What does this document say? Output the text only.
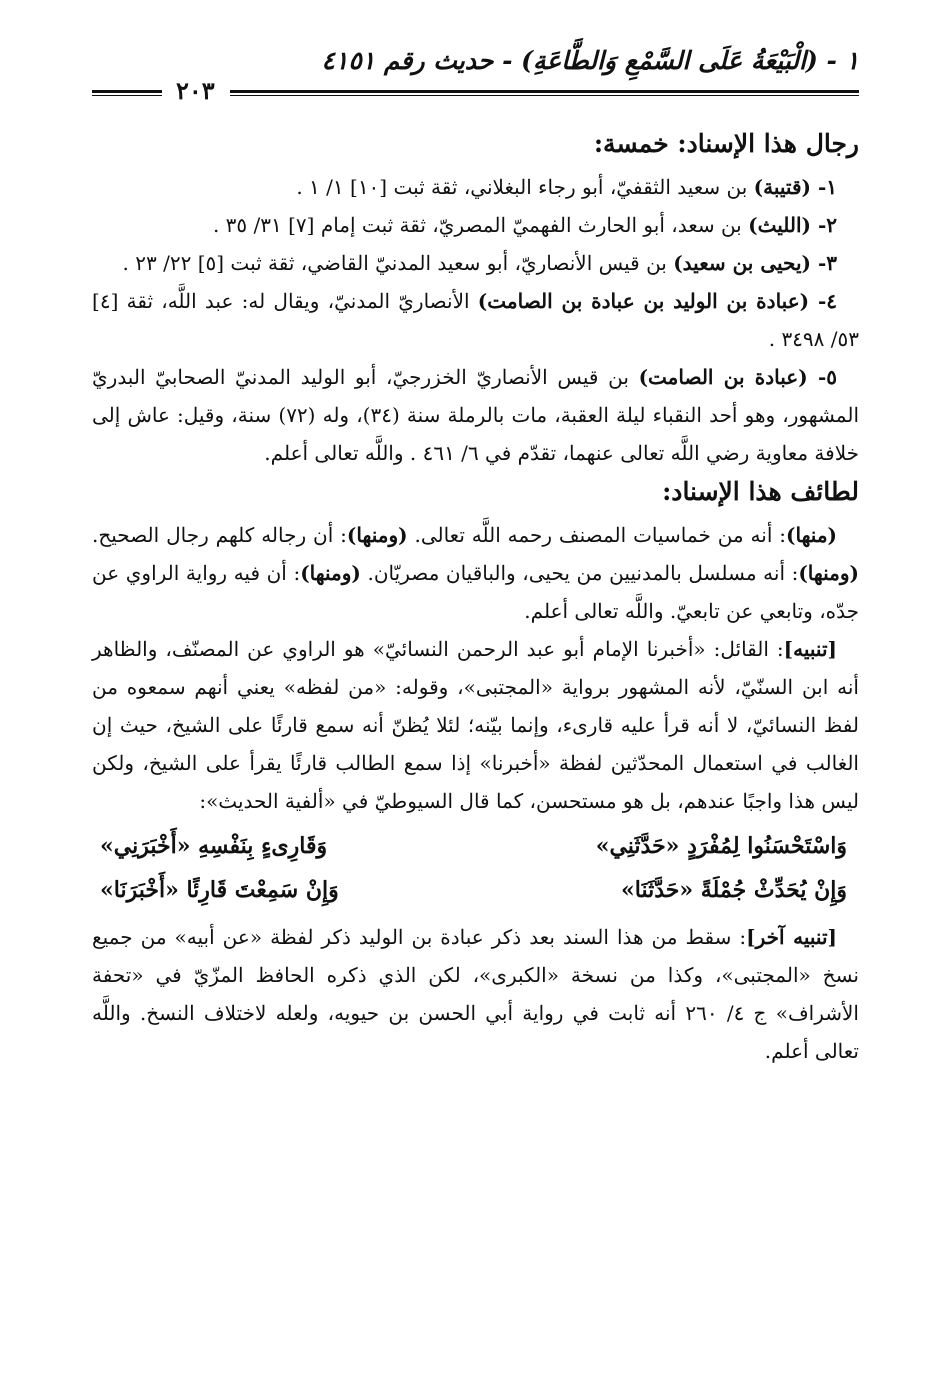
١ - (الْبَيْعَةُ عَلَى السَّمْعِ وَالطَّاعَةِ) - حديث رقم ٤١٥١
٢٠٣
رجال هذا الإسناد: خمسة:

١- (قتيبة) بن سعيد الثقفيّ، أبو رجاء البغلاني، ثقة ثبت [١٠] ١/ ١ .

٢- (الليث) بن سعد، أبو الحارث الفهميّ المصريّ، ثقة ثبت إمام [٧] ٣١/ ٣٥ .

٣- (يحيى بن سعيد) بن قيس الأنصاريّ، أبو سعيد المدنيّ القاضي، ثقة ثبت [٥] ٢٢/ ٢٣ .

٤- (عبادة بن الوليد بن عبادة بن الصامت) الأنصاريّ المدنيّ، ويقال له: عبد اللَّه، ثقة [٤] ٥٣/ ٣٤٩٨ .

٥- (عبادة بن الصامت) بن قيس الأنصاريّ الخزرجيّ، أبو الوليد المدنيّ الصحابيّ البدريّ المشهور، وهو أحد النقباء ليلة العقبة، مات بالرملة سنة (٣٤)، وله (٧٢) سنة، وقيل: عاش إلى خلافة معاوية رضي اللَّه تعالى عنهما، تقدّم في ٦/ ٤٦١ . واللَّه تعالى أعلم.

لطائف هذا الإسناد:

(منها): أنه من خماسيات المصنف رحمه اللَّه تعالى. (ومنها): أن رجاله كلهم رجال الصحيح. (ومنها): أنه مسلسل بالمدنيين من يحيى، والباقيان مصريّان. (ومنها): أن فيه رواية الراوي عن جدّه، وتابعي عن تابعيّ. واللَّه تعالى أعلم.

[تنبيه]: القائل: «أخبرنا الإمام أبو عبد الرحمن النسائيّ» هو الراوي عن المصنّف، والظاهر أنه ابن السنّيّ، لأنه المشهور برواية «المجتبى»، وقوله: «من لفظه» يعني أنهم سمعوه من لفظ النسائيّ، لا أنه قرأ عليه قارىء، وإنما بيّنه؛ لئلا يُظنّ أنه سمع قارئًا على الشيخ، حيث إن الغالب في استعمال المحدّثين لفظة «أخبرنا» إذا سمع الطالب قارئًا يقرأ على الشيخ، ولكن ليس هذا واجبًا عندهم، بل هو مستحسن، كما قال السيوطيّ في «ألفية الحديث»:

وَاسْتَحْسَنُوا لِمُفْرَدٍ «حَدَّثَنِي»
وَقَارِىءٍ بِنَفْسِهِ «أَخْبَرَنِي»
وَإِنْ يُحَدِّثْ جُمْلَةً «حَدَّثَنَا»
وَإِنْ سَمِعْتَ قَارِئًا «أَخْبَرَنَا»

[تنبيه آخر]: سقط من هذا السند بعد ذكر عبادة بن الوليد ذكر لفظة «عن أبيه» من جميع نسخ «المجتبى»، وكذا من نسخة «الكبرى»، لكن الذي ذكره الحافظ المزّيّ في «تحفة الأشراف» ج ٤/ ٢٦٠ أنه ثابت في رواية أبي الحسن بن حيويه، ولعله لاختلاف النسخ. واللَّه تعالى أعلم.
